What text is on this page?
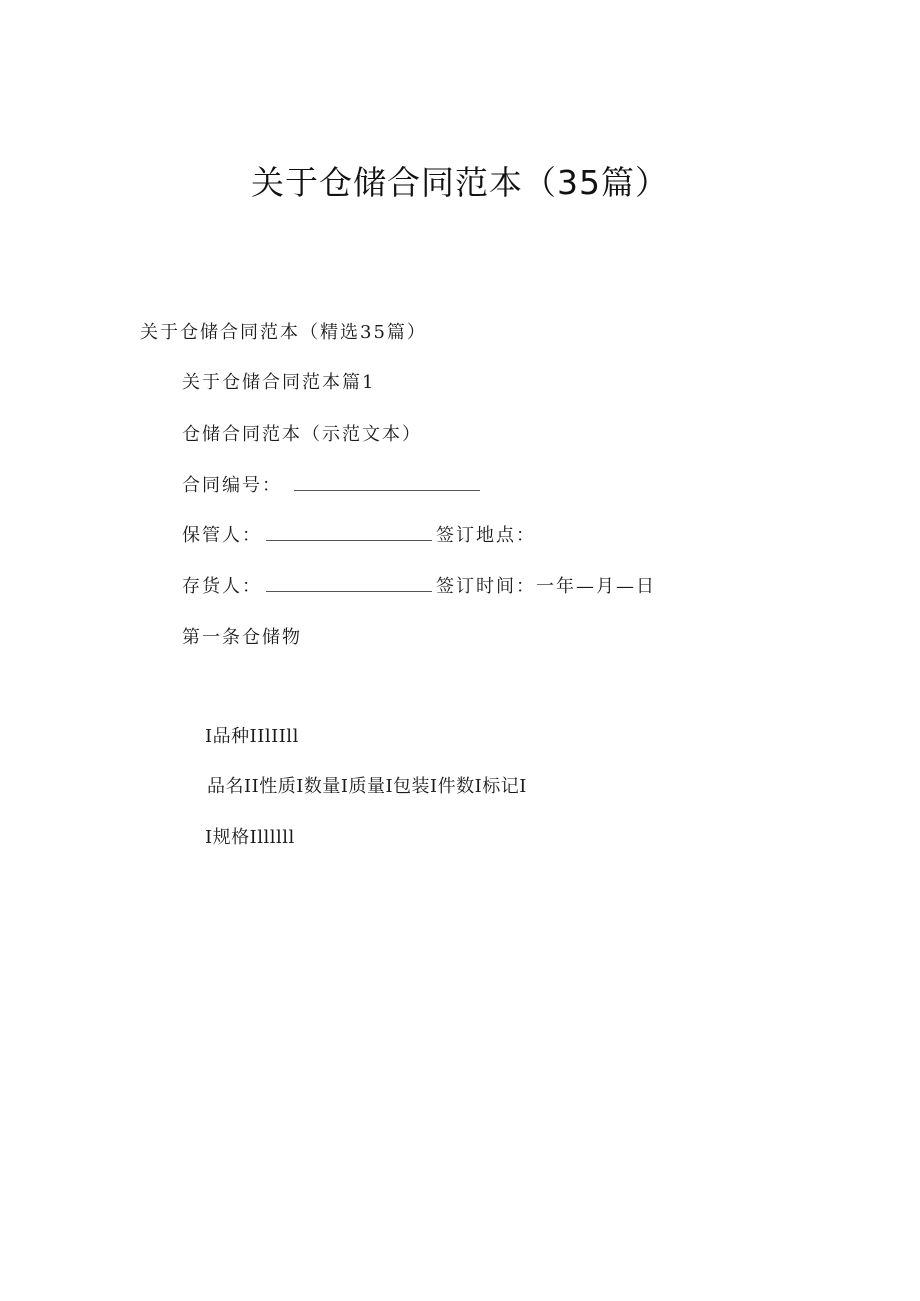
关于仓储合同范本（35篇）
关于仓储合同范本（精选35篇）
关于仓储合同范本篇1
仓储合同范本（示范文本）
合同编号：
保管人：	签订地点：
存货人：	签订时间：一年—月—日
第一条仓储物
I品种IIlIIll
品名II性质I数量I质量I包装I件数I标记I
I规格Illllll
